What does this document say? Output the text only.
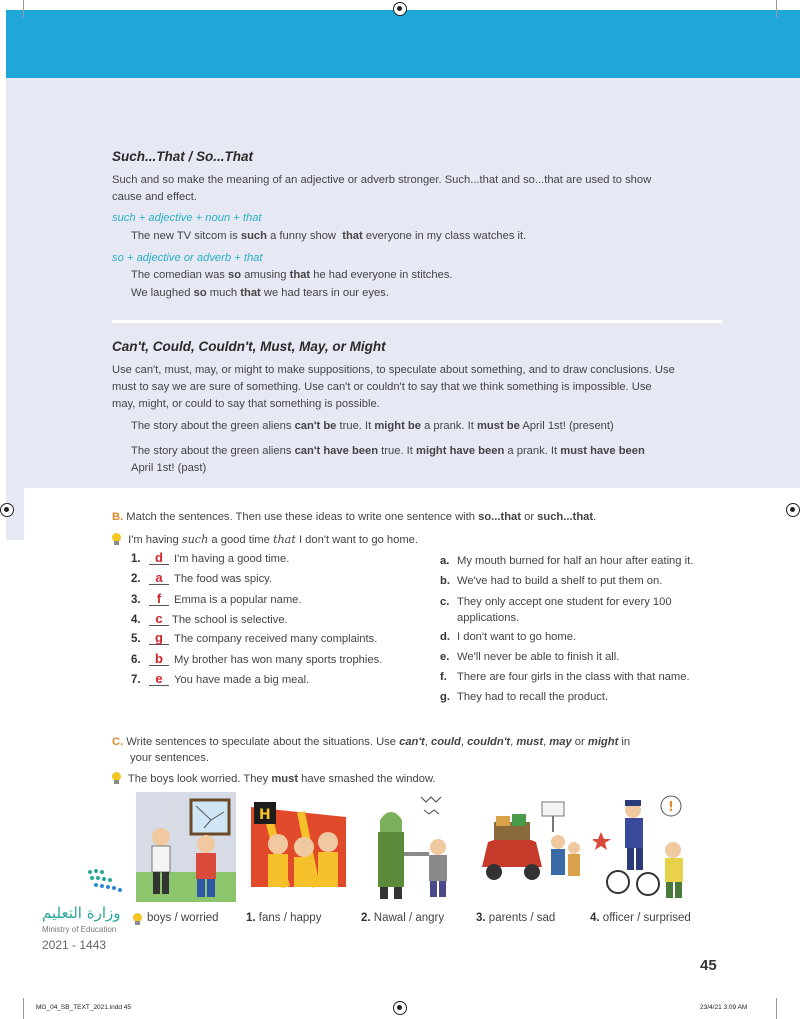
Such...That / So...That
Such and so make the meaning of an adjective or adverb stronger. Such...that and so...that are used to show
cause and effect.
such + adjective + noun + that
The new TV sitcom is such a funny show  that everyone in my class watches it.
so + adjective or adverb + that
The comedian was so amusing that he had everyone in stitches.
We laughed so much that we had tears in our eyes.
Can't, Could, Couldn't, Must, May, or Might
Use can't, must, may, or might to make suppositions, to speculate about something, and to draw conclusions. Use
must to say we are sure of something. Use can't or couldn't to say that we think something is impossible. Use
may, might, or could to say that something is possible.
The story about the green aliens can't be true. It might be a prank. It must be April 1st! (present)
The story about the green aliens can't have been true. It might have been a prank. It must have been
April 1st! (past)
B. Match the sentences. Then use these ideas to write one sentence with so...that or such...that.
I'm having such a good time that I don't want to go home.
1.	d I'm having a good time.
2.	a	The food was spicy.
3.	f	Emma is a popular name.
4.	c The school is selective.
5.	g The company received many complaints.
6.	b My brother has won many sports trophies.
7.	e	You have made a big meal.
a. My mouth burned for half an hour after eating it.
b. We've had to build a shelf to put them on.
c. They only accept one student for every 100
applications.
d. I don't want to go home.
e. We'll never be able to finish it all.
f. There are four girls in the class with that name.
g. They had to recall the product.
C. Write sentences to speculate about the situations. Use can't, could, couldn't, must, may or might in
your sentences.
The boys look worried. They must have smashed the window.
H	!
boys / worried 1. fans / happy	2. Nawal / angry	3. parents / sad	4. officer / surprised
وزارة التعليم
Ministry of Education
2021 - 1443
45
MG_04_SB_TEXT_2021.indd 45	23/4/21 3:09 AM
